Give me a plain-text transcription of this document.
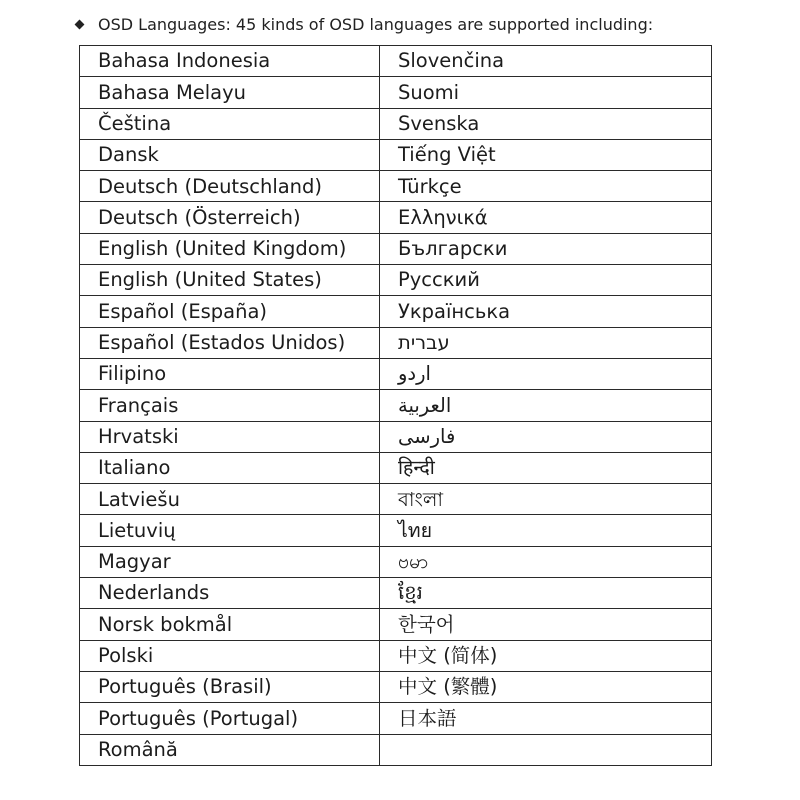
OSD Languages: 45 kinds of OSD languages are supported including:
Bahasa Indonesia	Slovenčina
Bahasa Melayu	Suomi
Čeština	Svenska
Dansk	Tiếng Việt
Deutsch (Deutschland)	Türkçe
Deutsch (Österreich)	Ελληνικά
English (United Kingdom)	Български
English (United States)	Русский
Español (España)	Українська
Español (Estados Unidos)	עברית
Filipino	اردو
Français	العربية
Hrvatski	فارسی
Italiano	हिन्दी
Latviešu	বাংলা
Lietuvių	ไทย
Magyar	ဗမာ
Nederlands	ខ្មែរ
Norsk bokmål	한국어
Polski	中文 (简体)
Português (Brasil)	中文 (繁體)
Português (Portugal)	日本語
Română	
